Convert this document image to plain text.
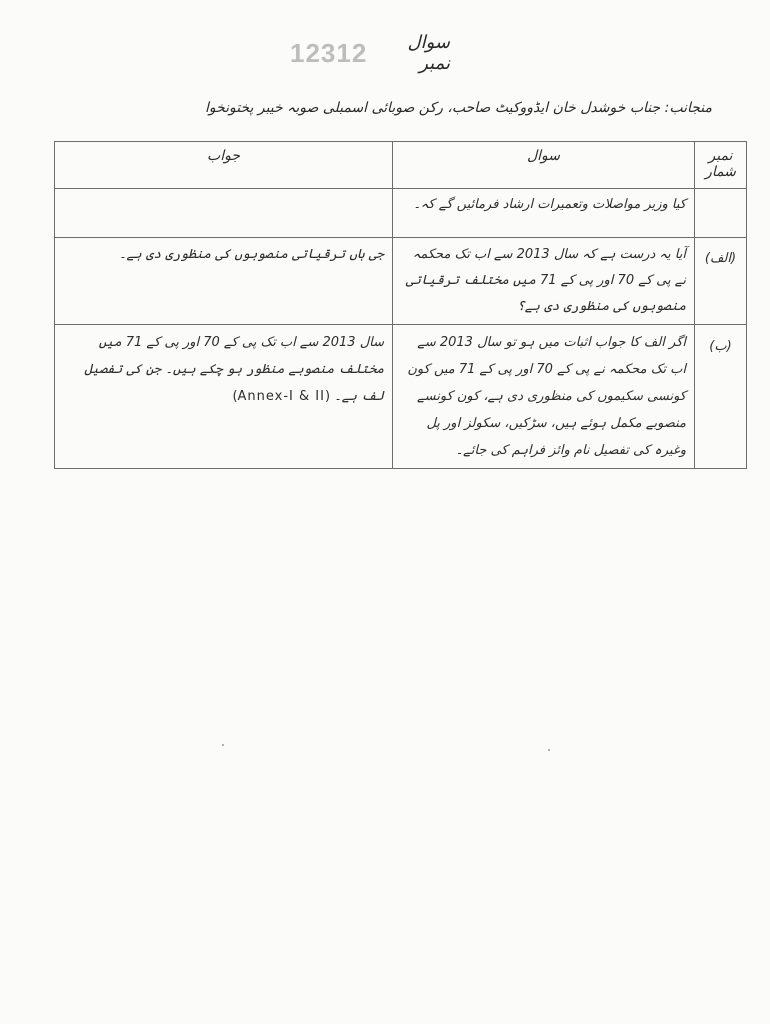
سوال نمبر
12312
منجانب: جناب خوشدل خان ایڈووکیٹ صاحب، رکن صوبائی اسمبلی صوبہ خیبر پختونخوا
نمبر شمار	سوال	جواب
	کیا وزیر مواصلات وتعمیرات ارشاد فرمائیں گے کہ۔	
(الف)	آیا یہ درست ہے کہ سال 2013 سے اب تک محکمہ نے پی کے 70 اور پی کے 71 میں مختلف ترقیاتی منصوبوں کی منظوری دی ہے؟	جی ہاں ترقیاتی منصوبوں کی منظوری دی ہے۔
(ب)	اگر الف کا جواب اثبات میں ہو تو سال 2013 سے اب تک محکمہ نے پی کے 70 اور پی کے 71 میں کون کونسی سکیموں کی منظوری دی ہے، کون کونسے منصوبے مکمل ہوئے ہیں، سڑکیں، سکولز اور پل وغیرہ کی تفصیل نام وائز فراہم کی جائے۔	سال 2013 سے اب تک پی کے 70 اور پی کے 71 میں مختلف منصوبے منظور ہو چکے ہیں۔ جن کی تفصیل لف ہے۔ (Annex-I & II)
